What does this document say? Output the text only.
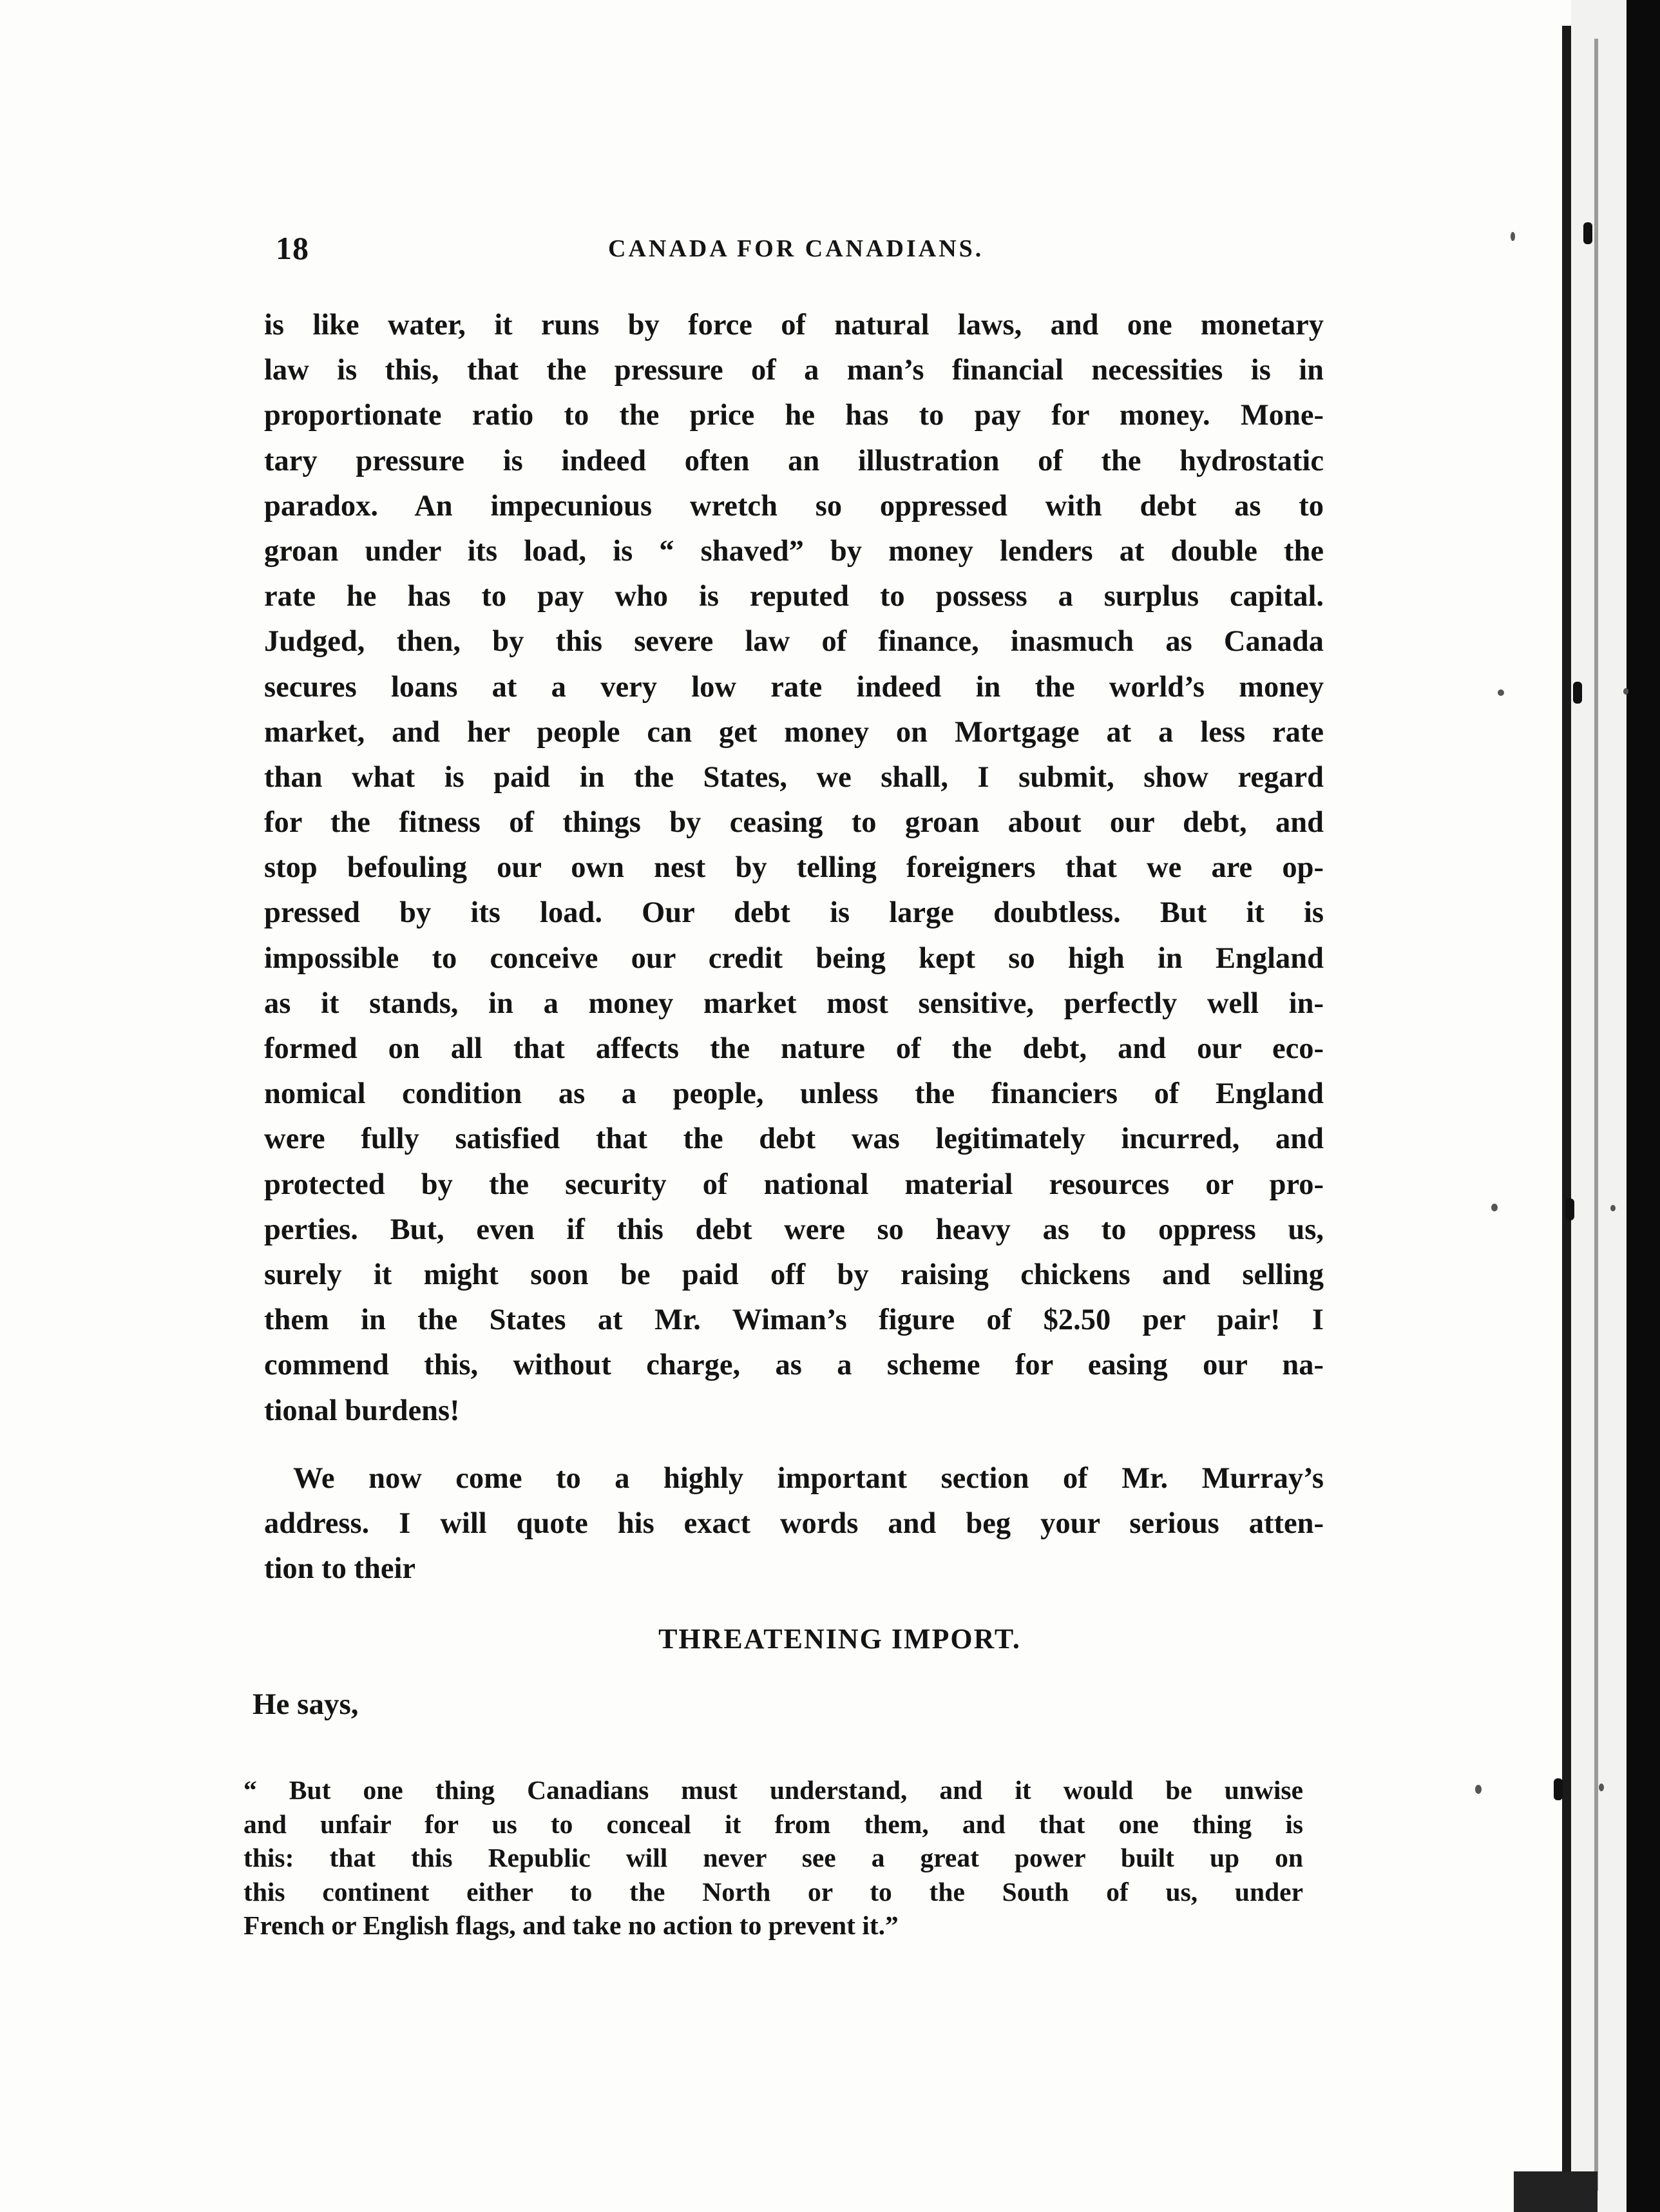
18	CANADA FOR CANADIANS.
is like water, it runs by force of natural laws, and one monetary
law is this, that the pressure of a man’s financial necessities is in
proportionate ratio to the price he has to pay for money. Mone-
tary pressure is indeed often an illustration of the hydrostatic
paradox. An impecunious wretch so oppressed with debt as to
groan under its load, is “ shaved” by money lenders at double the
rate he has to pay who is reputed to possess a surplus capital.
Judged, then, by this severe law of finance, inasmuch as Canada
secures loans at a very low rate indeed in the world’s money
market, and her people can get money on Mortgage at a less rate
than what is paid in the States, we shall, I submit, show regard
for the fitness of things by ceasing to groan about our debt, and
stop befouling our own nest by telling foreigners that we are op-
pressed by its load. Our debt is large doubtless. But it is
impossible to conceive our credit being kept so high in England
as it stands, in a money market most sensitive, perfectly well in-
formed on all that affects the nature of the debt, and our eco-
nomical condition as a people, unless the financiers of England
were fully satisfied that the debt was legitimately incurred, and
protected by the security of national material resources or pro-
perties. But, even if this debt were so heavy as to oppress us,
surely it might soon be paid off by raising chickens and selling
them in the States at Mr. Wiman’s figure of $2.50 per pair! I
commend this, without charge, as a scheme for easing our na-
tional burdens!
We now come to a highly important section of Mr. Murray’s
address. I will quote his exact words and beg your serious atten-
tion to their
THREATENING IMPORT.
He says,
“ But one thing Canadians must understand, and it would be unwise
and unfair for us to conceal it from them, and that one thing is
this: that this Republic will never see a great power built up on
this continent either to the North or to the South of us, under
French or English flags, and take no action to prevent it.”
